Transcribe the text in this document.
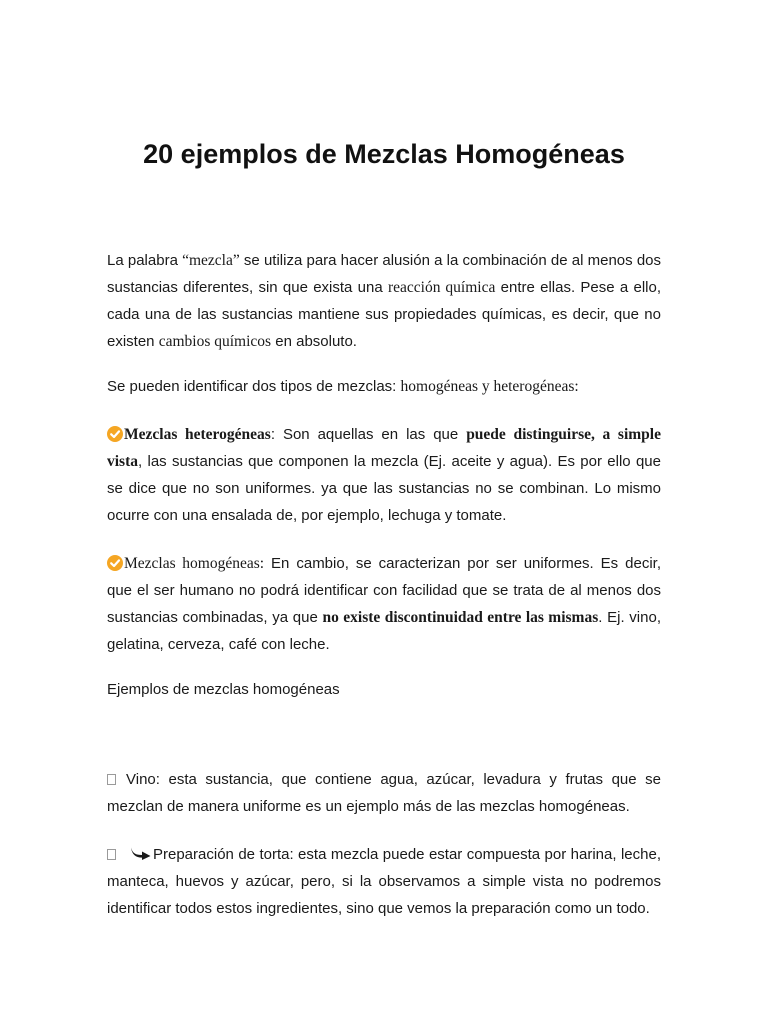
20 ejemplos de Mezclas Homogéneas

La palabra “mezcla” se utiliza para hacer alusión a la combinación de al menos dos sustancias diferentes, sin que exista una reacción química entre ellas. Pese a ello, cada una de las sustancias mantiene sus propiedades químicas, es decir, que no existen cambios químicos en absoluto.

Se pueden identificar dos tipos de mezclas: homogéneas y heterogéneas:

Mezclas heterogéneas: Son aquellas en las que puede distinguirse, a simple vista, las sustancias que componen la mezcla (Ej. aceite y agua). Es por ello que se dice que no son uniformes. ya que las sustancias no se combinan. Lo mismo ocurre con una ensalada de, por ejemplo, lechuga y tomate.

Mezclas homogéneas: En cambio, se caracterizan por ser uniformes. Es decir, que el ser humano no podrá identificar con facilidad que se trata de al menos dos sustancias combinadas, ya que no existe discontinuidad entre las mismas. Ej. vino, gelatina, cerveza, café con leche.

Ejemplos de mezclas homogéneas

Vino: esta sustancia, que contiene agua, azúcar, levadura y frutas que se mezclan de manera uniforme es un ejemplo más de las mezclas homogéneas.

Preparación de torta: esta mezcla puede estar compuesta por harina, leche, manteca, huevos y azúcar, pero, si la observamos a simple vista no podremos identificar todos estos ingredientes, sino que vemos la preparación como un todo.
